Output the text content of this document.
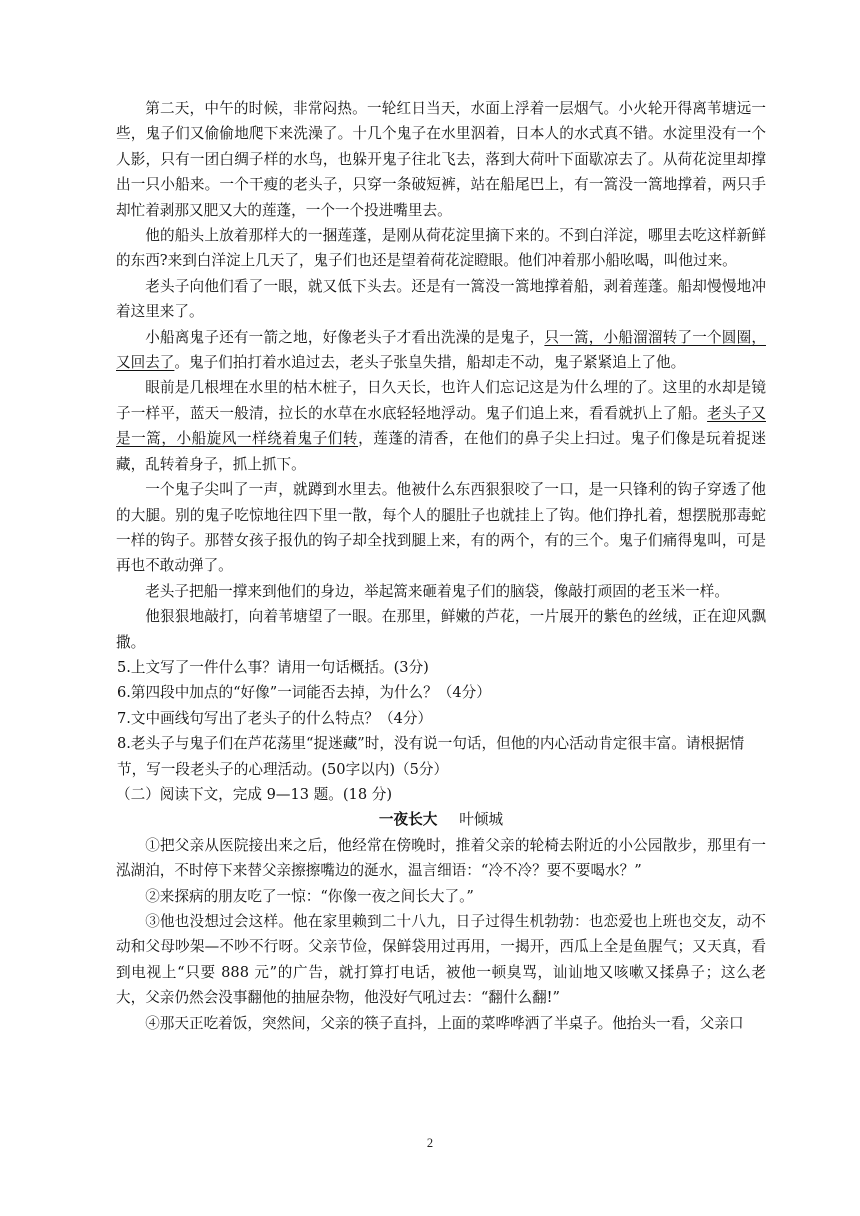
第二天，中午的时候，非常闷热。一轮红日当天，水面上浮着一层烟气。小火轮开得离苇塘远一些，鬼子们又偷偷地爬下来洗澡了。十几个鬼子在水里泅着，日本人的水式真不错。水淀里没有一个人影，只有一团白绸子样的水鸟，也躲开鬼子往北飞去，落到大荷叶下面歇凉去了。从荷花淀里却撑出一只小船来。一个干瘦的老头子，只穿一条破短裤，站在船尾巴上，有一篙没一篙地撑着，两只手却忙着剥那又肥又大的莲蓬，一个一个投进嘴里去。

他的船头上放着那样大的一捆莲蓬，是刚从荷花淀里摘下来的。不到白洋淀，哪里去吃这样新鲜的东西?来到白洋淀上几天了，鬼子们也还是望着荷花淀瞪眼。他们冲着那小船吆喝，叫他过来。

老头子向他们看了一眼，就又低下头去。还是有一篙没一篙地撑着船，剥着莲蓬。船却慢慢地冲着这里来了。

小船离鬼子还有一箭之地，好像老头子才看出洗澡的是鬼子，只一篙，小船溜溜转了一个圆圈，又回去了。鬼子们拍打着水追过去，老头子张皇失措，船却走不动，鬼子紧紧追上了他。

眼前是几根埋在水里的枯木桩子，日久天长，也许人们忘记这是为什么埋的了。这里的水却是镜子一样平，蓝天一般清，拉长的水草在水底轻轻地浮动。鬼子们追上来，看看就扒上了船。老头子又是一篙，小船旋风一样绕着鬼子们转，莲蓬的清香，在他们的鼻子尖上扫过。鬼子们像是玩着捉迷藏，乱转着身子，抓上抓下。

一个鬼子尖叫了一声，就蹲到水里去。他被什么东西狠狠咬了一口，是一只锋利的钩子穿透了他的大腿。别的鬼子吃惊地往四下里一散，每个人的腿肚子也就挂上了钩。他们挣扎着，想摆脱那毒蛇一样的钩子。那替女孩子报仇的钩子却全找到腿上来，有的两个，有的三个。鬼子们痛得鬼叫，可是再也不敢动弹了。

老头子把船一撑来到他们的身边，举起篙来砸着鬼子们的脑袋，像敲打顽固的老玉米一样。

他狠狠地敲打，向着苇塘望了一眼。在那里，鲜嫩的芦花，一片展开的紫色的丝绒，正在迎风飘撒。

5.上文写了一件什么事？请用一句话概括。(3分)

6.第四段中加点的“好像”一词能否去掉，为什么？（4分）

7.文中画线句写出了老头子的什么特点？（4分）

8.老头子与鬼子们在芦花荡里“捉迷藏”时，没有说一句话，但他的内心活动肯定很丰富。请根据情节，写一段老头子的心理活动。(50字以内)（5分）

（二）阅读下文，完成 9—13 题。(18 分)

一夜长大 叶倾城

①把父亲从医院接出来之后，他经常在傍晚时，推着父亲的轮椅去附近的小公园散步，那里有一泓湖泊，不时停下来替父亲擦擦嘴边的涎水，温言细语：“冷不冷？要不要喝水？”

②来探病的朋友吃了一惊：“你像一夜之间长大了。”

③他也没想过会这样。他在家里赖到二十八九，日子过得生机勃勃：也恋爱也上班也交友，动不动和父母吵架—不吵不行呀。父亲节俭，保鲜袋用过再用，一揭开，西瓜上全是鱼腥气；又天真，看到电视上“只要 888 元”的广告，就打算打电话，被他一顿臭骂，讪讪地又咳嗽又揉鼻子；这么老大，父亲仍然会没事翻他的抽屉杂物，他没好气吼过去：“翻什么翻!”

④那天正吃着饭，突然间，父亲的筷子直抖，上面的菜哗哗洒了半桌子。他抬头一看，父亲口

2
